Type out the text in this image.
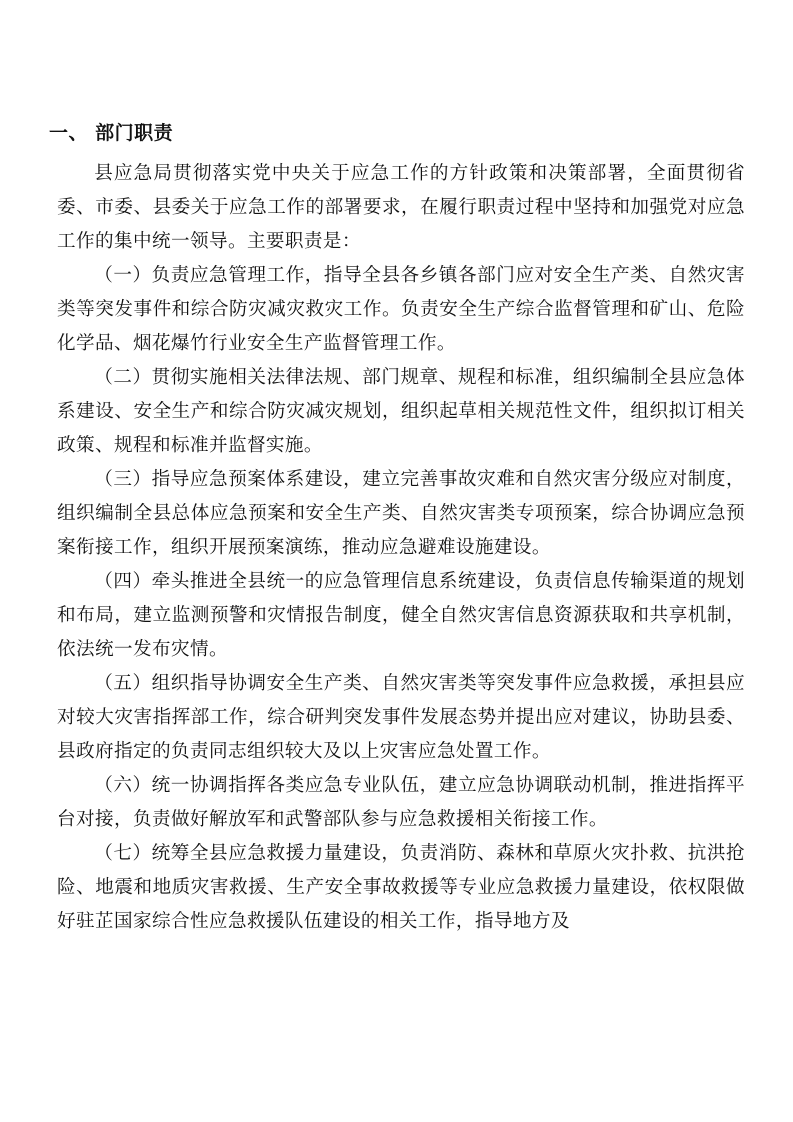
一、 部门职责

县应急局贯彻落实党中央关于应急工作的方针政策和决策部署，全面贯彻省委、市委、县委关于应急工作的部署要求，在履行职责过程中坚持和加强党对应急工作的集中统一领导。主要职责是：

（一）负责应急管理工作，指导全县各乡镇各部门应对安全生产类、自然灾害类等突发事件和综合防灾减灾救灾工作。负责安全生产综合监督管理和矿山、危险化学品、烟花爆竹行业安全生产监督管理工作。

（二）贯彻实施相关法律法规、部门规章、规程和标准，组织编制全县应急体系建设、安全生产和综合防灾减灾规划，组织起草相关规范性文件，组织拟订相关政策、规程和标准并监督实施。

（三）指导应急预案体系建设，建立完善事故灾难和自然灾害分级应对制度，组织编制全县总体应急预案和安全生产类、自然灾害类专项预案，综合协调应急预案衔接工作，组织开展预案演练，推动应急避难设施建设。

（四）牵头推进全县统一的应急管理信息系统建设，负责信息传输渠道的规划和布局，建立监测预警和灾情报告制度，健全自然灾害信息资源获取和共享机制，依法统一发布灾情。

（五）组织指导协调安全生产类、自然灾害类等突发事件应急救援，承担县应对较大灾害指挥部工作，综合研判突发事件发展态势并提出应对建议，协助县委、县政府指定的负责同志组织较大及以上灾害应急处置工作。

（六）统一协调指挥各类应急专业队伍，建立应急协调联动机制，推进指挥平台对接，负责做好解放军和武警部队参与应急救援相关衔接工作。

（七）统筹全县应急救援力量建设，负责消防、森林和草原火灾扑救、抗洪抢险、地震和地质灾害救援、生产安全事故救援等专业应急救援力量建设，依权限做好驻芷国家综合性应急救援队伍建设的相关工作，指导地方及
